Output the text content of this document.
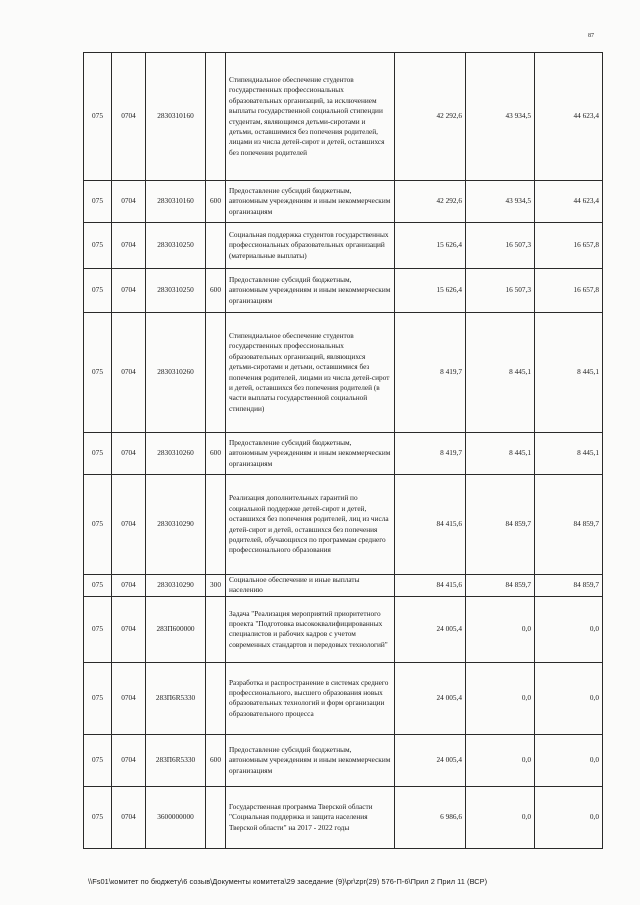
87
075	0704	2830310160		Стипендиальное обеспечение студентов государственных профессиональных образовательных организаций, за исключением выплаты государственной социальной стипендии студентам, являющимся детьми-сиротами и детьми, оставшимися без попечения родителей, лицами из числа детей-сирот и детей, оставшихся без попечения родителей	42 292,6	43 934,5	44 623,4
075	0704	2830310160	600	Предоставление субсидий бюджетным, автономным учреждениям и иным некоммерческим организациям	42 292,6	43 934,5	44 623,4
075	0704	2830310250		Социальная поддержка студентов государственных профессиональных образовательных организаций (материальные выплаты)	15 626,4	16 507,3	16 657,8
075	0704	2830310250	600	Предоставление субсидий бюджетным, автономным учреждениям и иным некоммерческим организациям	15 626,4	16 507,3	16 657,8
075	0704	2830310260		Стипендиальное обеспечение студентов государственных профессиональных образовательных организаций, являющихся детьми-сиротами и детьми, оставшимися без попечения родителей, лицами из числа детей-сирот и детей, оставшихся без попечения родителей (в части выплаты государственной социальной стипендии)	8 419,7	8 445,1	8 445,1
075	0704	2830310260	600	Предоставление субсидий бюджетным, автономным учреждениям и иным некоммерческим организациям	8 419,7	8 445,1	8 445,1
075	0704	2830310290		Реализация дополнительных гарантий по социальной поддержке детей-сирот и детей, оставшихся без попечения родителей, лиц из числа детей-сирот и детей, оставшихся без попечения родителей, обучающихся по программам среднего профессионального образования	84 415,6	84 859,7	84 859,7
075	0704	2830310290	300	Социальное обеспечение и иные выплаты населению	84 415,6	84 859,7	84 859,7
075	0704	283П600000		Задача "Реализация мероприятий приоритетного проекта "Подготовка высококвалифицированных специалистов и рабочих кадров с учетом современных стандартов и передовых технологий"	24 005,4	0,0	0,0
075	0704	283П6R5330		Разработка и распространение в системах среднего профессионального, высшего образования новых образовательных технологий и форм организации образовательного процесса	24 005,4	0,0	0,0
075	0704	283П6R5330	600	Предоставление субсидий бюджетным, автономным учреждениям и иным некоммерческим организациям	24 005,4	0,0	0,0
075	0704	3600000000		Государственная программа Тверской области "Социальная поддержка и защита населения Тверской области" на 2017 - 2022 годы	6 986,6	0,0	0,0
\\Fs01\комитет по бюджету\6 созыв\Документы комитета\29 заседание (9)\pr\zpr(29) 576-П-6\Прил 2 Прил 11 (ВСР)
